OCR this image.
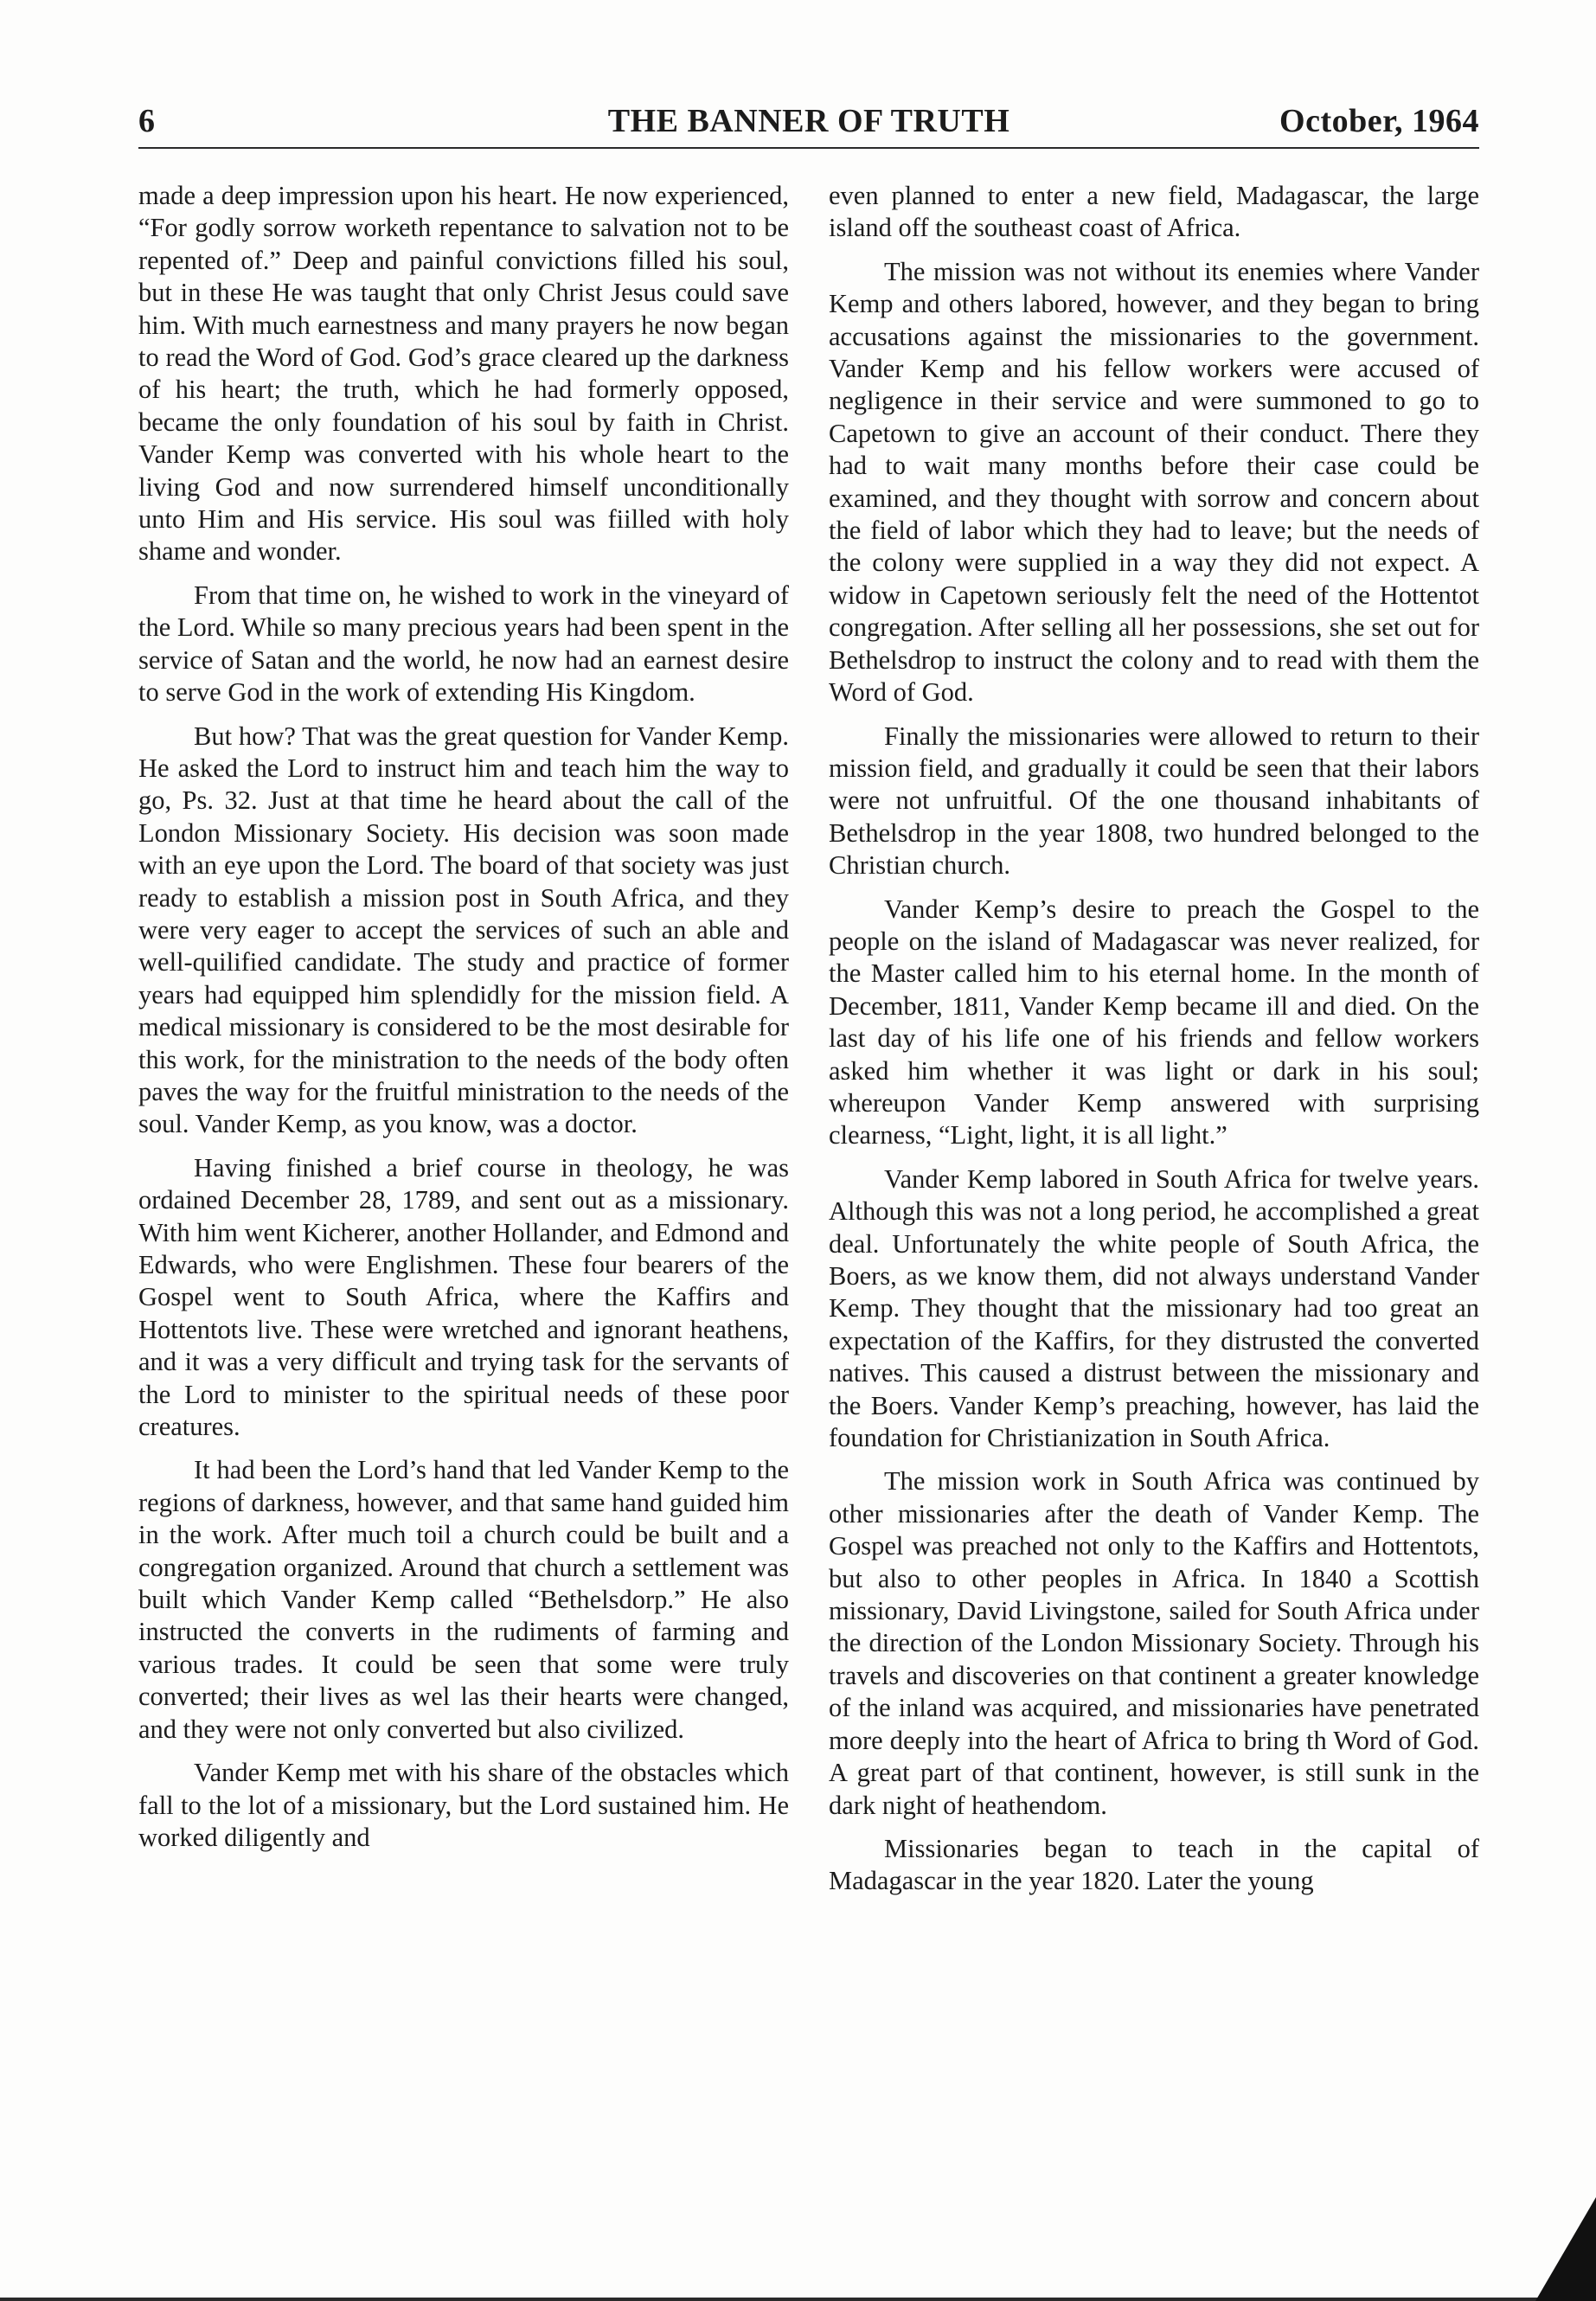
THE BANNER OF TRUTH
6	October, 1964

made a deep impression upon his heart. He now experienced, “For godly sorrow worketh repentance to salvation not to be repented of.” Deep and painful convictions filled his soul, but in these He was taught that only Christ Jesus could save him. With much earnestness and many prayers he now began to read the Word of God. God’s grace cleared up the darkness of his heart; the truth, which he had formerly opposed, became the only foundation of his soul by faith in Christ. Vander Kemp was converted with his whole heart to the living God and now surrendered himself unconditionally unto Him and His service. His soul was fiilled with holy shame and wonder.

From that time on, he wished to work in the vineyard of the Lord. While so many precious years had been spent in the service of Satan and the world, he now had an earnest desire to serve God in the work of extending His Kingdom.

But how? That was the great question for Vander Kemp. He asked the Lord to instruct him and teach him the way to go, Ps. 32. Just at that time he heard about the call of the London Missionary Society. His decision was soon made with an eye upon the Lord. The board of that society was just ready to establish a mission post in South Africa, and they were very eager to accept the services of such an able and well-quilified candidate. The study and practice of former years had equipped him splendidly for the mission field. A medical missionary is considered to be the most desirable for this work, for the ministration to the needs of the body often paves the way for the fruitful ministration to the needs of the soul. Vander Kemp, as you know, was a doctor.

Having finished a brief course in theology, he was ordained December 28, 1789, and sent out as a missionary. With him went Kicherer, another Hollander, and Edmond and Edwards, who were Englishmen. These four bearers of the Gospel went to South Africa, where the Kaffirs and Hottentots live. These were wretched and ignorant heathens, and it was a very difficult and trying task for the servants of the Lord to minister to the spiritual needs of these poor creatures.

It had been the Lord’s hand that led Vander Kemp to the regions of darkness, however, and that same hand guided him in the work. After much toil a church could be built and a congregation organized. Around that church a settlement was built which Vander Kemp called “Bethelsdorp.” He also instructed the converts in the rudiments of farming and various trades. It could be seen that some were truly converted; their lives as wel las their hearts were changed, and they were not only converted but also civilized.

Vander Kemp met with his share of the obstacles which fall to the lot of a missionary, but the Lord sustained him. He worked diligently and

even planned to enter a new field, Madagascar, the large island off the southeast coast of Africa.

The mission was not without its enemies where Vander Kemp and others labored, however, and they began to bring accusations against the missionaries to the government. Vander Kemp and his fellow workers were accused of negligence in their service and were summoned to go to Capetown to give an account of their conduct. There they had to wait many months before their case could be examined, and they thought with sorrow and concern about the field of labor which they had to leave; but the needs of the colony were supplied in a way they did not expect. A widow in Capetown seriously felt the need of the Hottentot congregation. After selling all her possessions, she set out for Bethelsdrop to instruct the colony and to read with them the Word of God.

Finally the missionaries were allowed to return to their mission field, and gradually it could be seen that their labors were not unfruitful. Of the one thousand inhabitants of Bethelsdrop in the year 1808, two hundred belonged to the Christian church.

Vander Kemp’s desire to preach the Gospel to the people on the island of Madagascar was never realized, for the Master called him to his eternal home. In the month of December, 1811, Vander Kemp became ill and died. On the last day of his life one of his friends and fellow workers asked him whether it was light or dark in his soul; whereupon Vander Kemp answered with surprising clearness, “Light, light, it is all light.”

Vander Kemp labored in South Africa for twelve years. Although this was not a long period, he accomplished a great deal. Unfortunately the white people of South Africa, the Boers, as we know them, did not always understand Vander Kemp. They thought that the missionary had too great an expectation of the Kaffirs, for they distrusted the converted natives. This caused a distrust between the missionary and the Boers. Vander Kemp’s preaching, however, has laid the foundation for Christianization in South Africa.

The mission work in South Africa was continued by other missionaries after the death of Vander Kemp. The Gospel was preached not only to the Kaffirs and Hottentots, but also to other peoples in Africa. In 1840 a Scottish missionary, David Livingstone, sailed for South Africa under the direction of the London Missionary Society. Through his travels and discoveries on that continent a greater knowledge of the inland was acquired, and missionaries have penetrated more deeply into the heart of Africa to bring th Word of God. A great part of that continent, however, is still sunk in the dark night of heathendom.

Missionaries began to teach in the capital of Madagascar in the year 1820. Later the young
